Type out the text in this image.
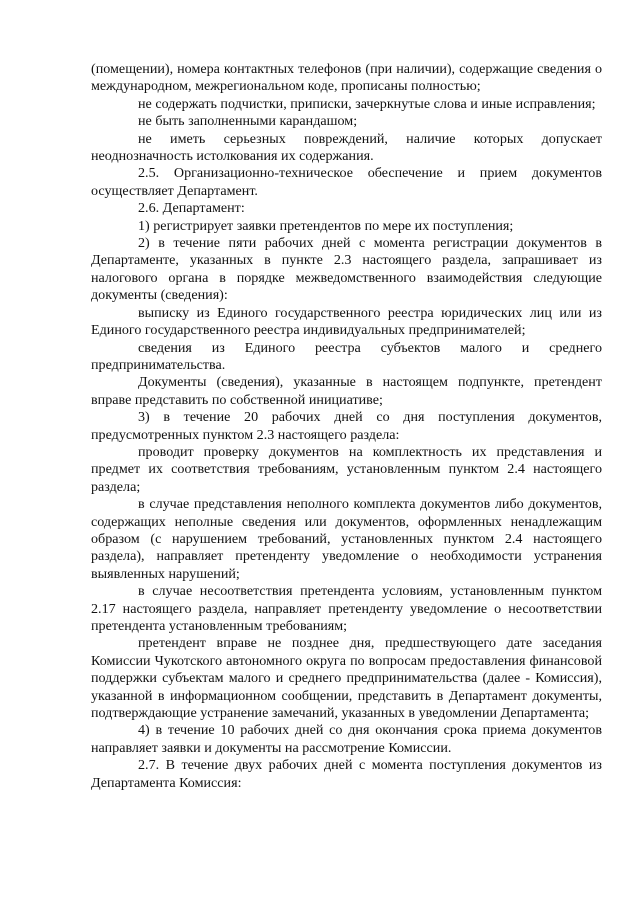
(помещении), номера контактных телефонов (при наличии), содержащие сведения о международном, межрегиональном коде, прописаны полностью;

не содержать подчистки, приписки, зачеркнутые слова и иные исправления;

не быть заполненными карандашом;

не иметь серьезных повреждений, наличие которых допускает неоднозначность истолкования их содержания.

2.5. Организационно-техническое обеспечение и прием документов осуществляет Департамент.

2.6. Департамент:

1) регистрирует заявки претендентов по мере их поступления;

2) в течение пяти рабочих дней с момента регистрации документов в Департаменте, указанных в пункте 2.3 настоящего раздела, запрашивает из налогового органа в порядке межведомственного взаимодействия следующие документы (сведения):

выписку из Единого государственного реестра юридических лиц или из Единого государственного реестра индивидуальных предпринимателей;

сведения из Единого реестра субъектов малого и среднего предпринимательства.

Документы (сведения), указанные в настоящем подпункте, претендент вправе представить по собственной инициативе;

3) в течение 20 рабочих дней со дня поступления документов, предусмотренных пунктом 2.3 настоящего раздела:

проводит проверку документов на комплектность их представления и предмет их соответствия требованиям, установленным пунктом 2.4 настоящего раздела;

в случае представления неполного комплекта документов либо документов, содержащих неполные сведения или документов, оформленных ненадлежащим образом (с нарушением требований, установленных пунктом 2.4 настоящего раздела), направляет претенденту уведомление о необходимости устранения выявленных нарушений;

в случае несоответствия претендента условиям, установленным пунктом 2.17 настоящего раздела, направляет претенденту уведомление о несоответствии претендента установленным требованиям;

претендент вправе не позднее дня, предшествующего дате заседания Комиссии Чукотского автономного округа по вопросам предоставления финансовой поддержки субъектам малого и среднего предпринимательства (далее - Комиссия), указанной в информационном сообщении, представить в Департамент документы, подтверждающие устранение замечаний, указанных в уведомлении Департамента;

4) в течение 10 рабочих дней со дня окончания срока приема документов направляет заявки и документы на рассмотрение Комиссии.

2.7. В течение двух рабочих дней с момента поступления документов из Департамента Комиссия:
